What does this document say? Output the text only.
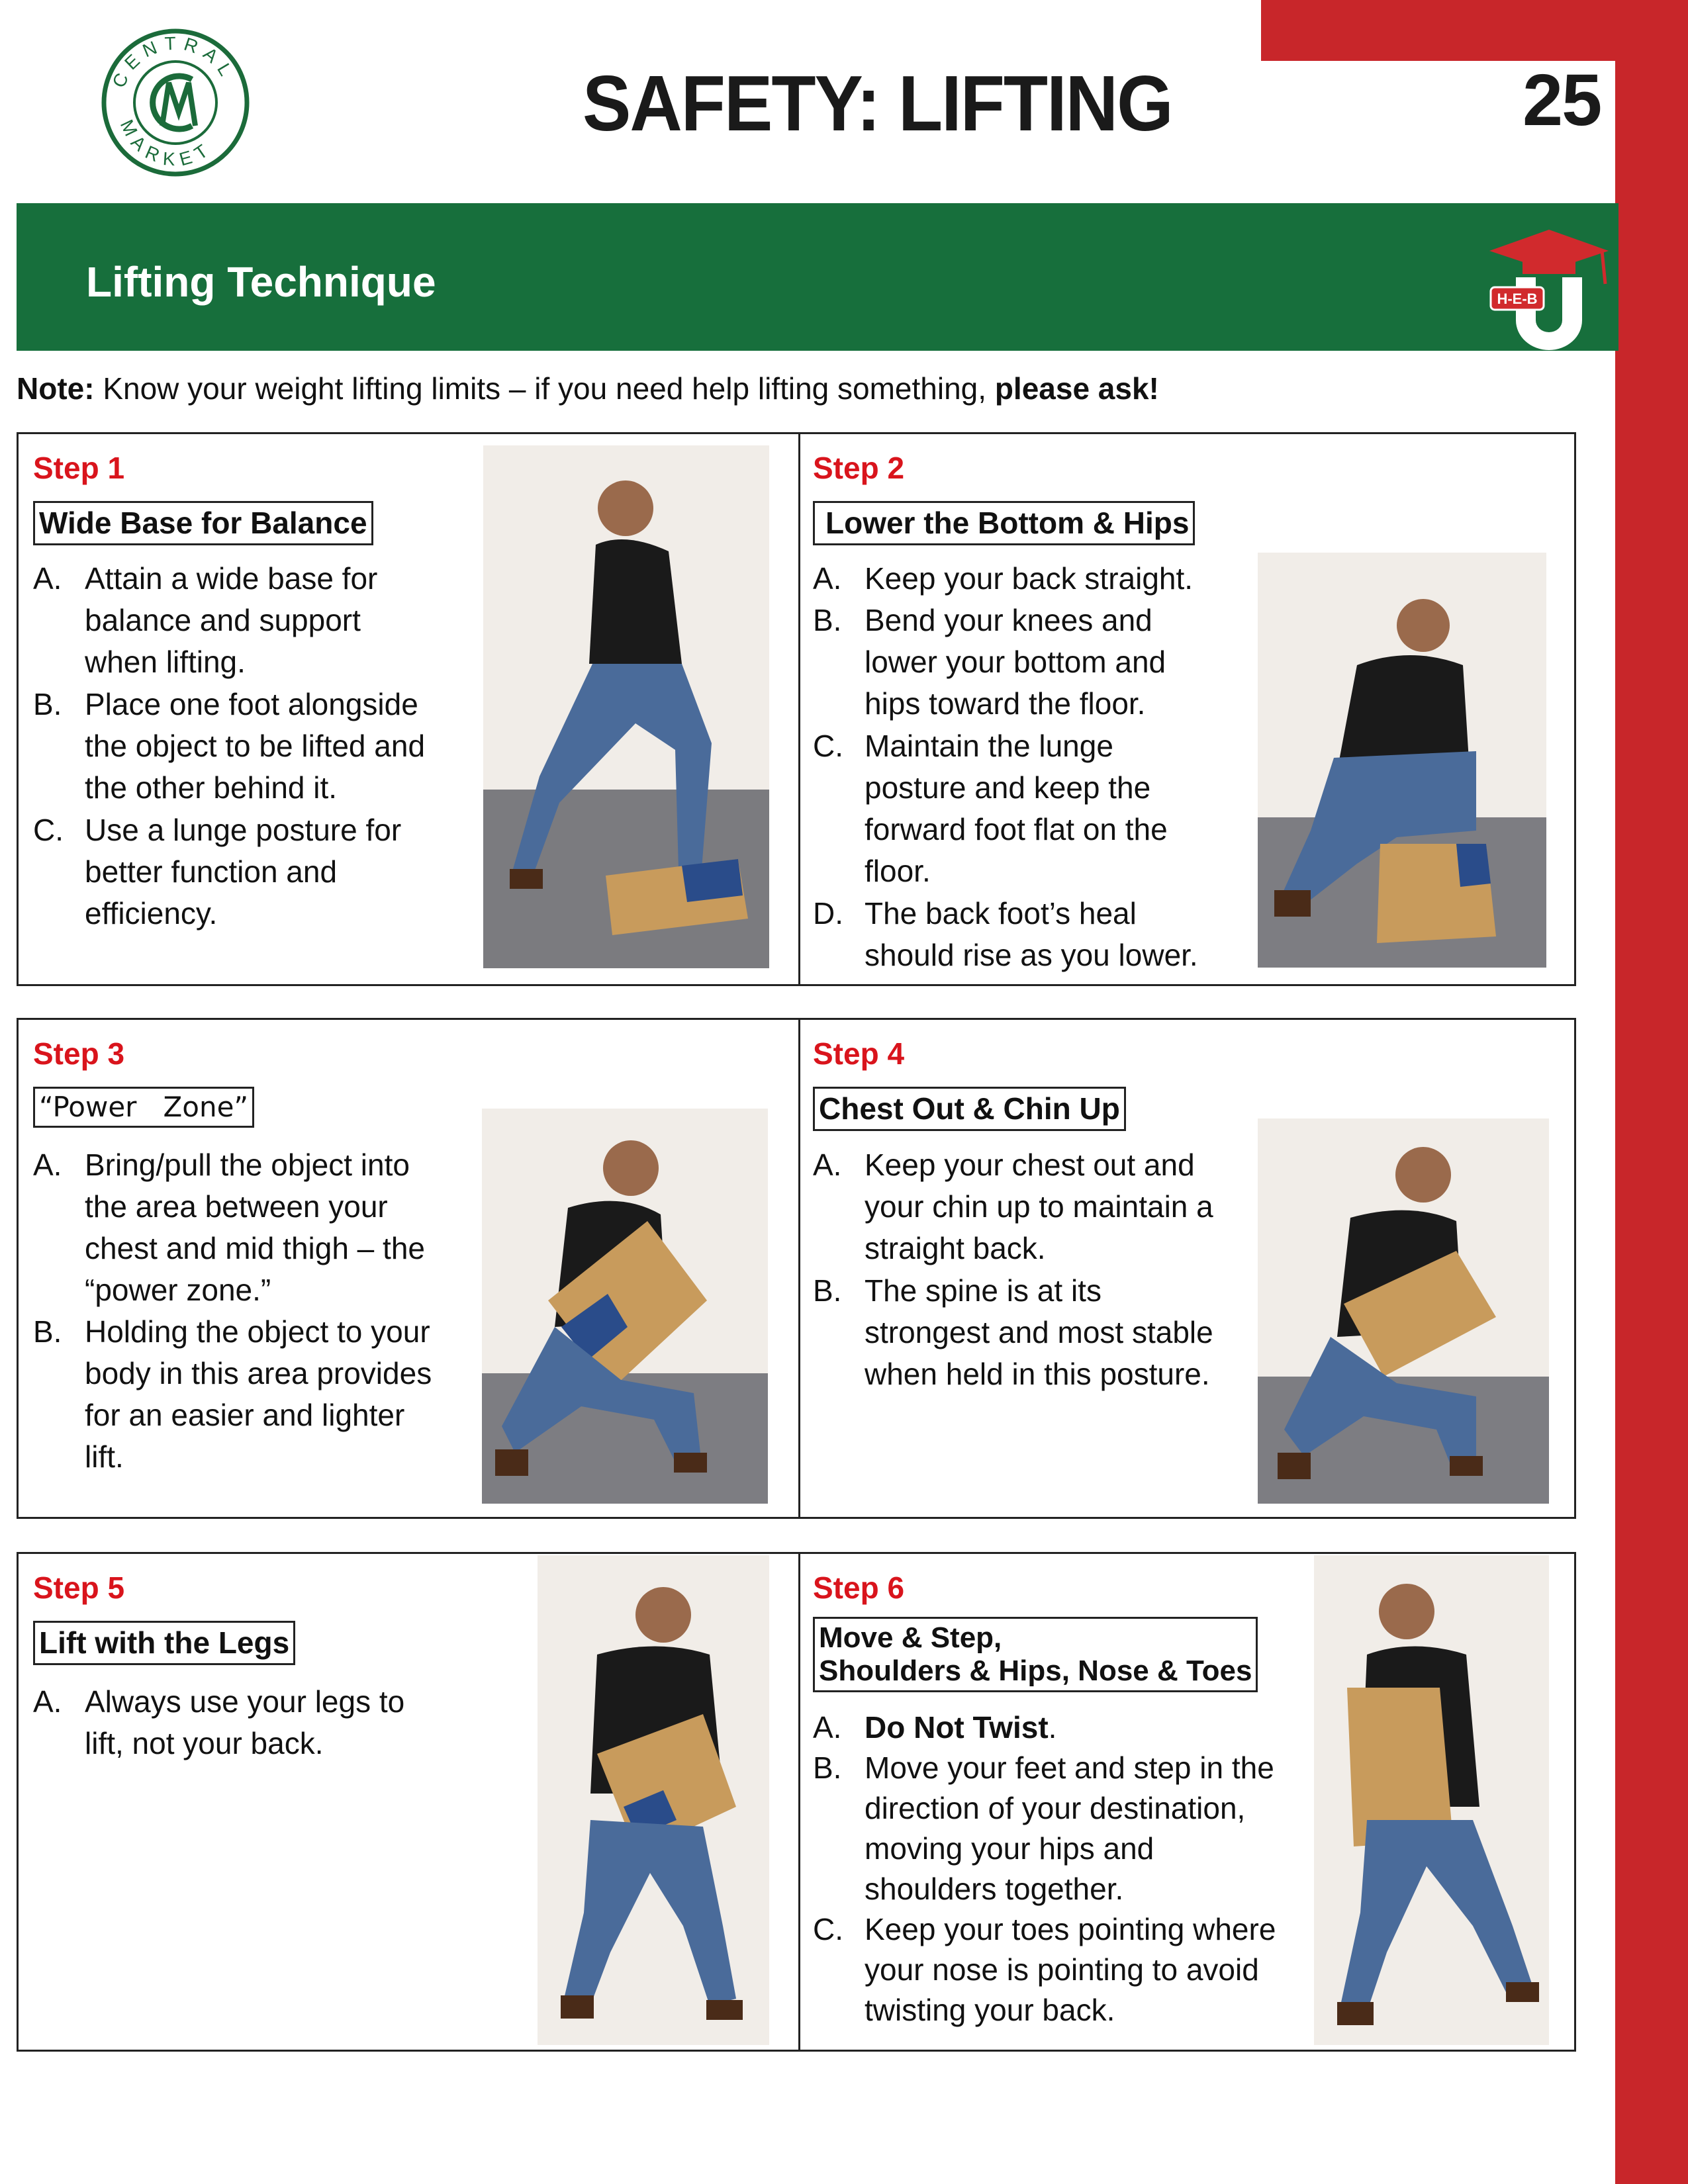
CENTRAL
MARKET
SAFETY: LIFTING	25
Lifting Technique	H-E-B
Note: Know your weight lifting limits – if you need help lifting something, please ask!
Step 1
Wide Base for Balance
A. Attain a wide base for
balance and support
when lifting.
B. Place one foot alongside
the object to be lifted and
the other behind it.
C. Use a lunge posture for
better function and
efficiency.
Step 2
Lower the Bottom & Hips
A. Keep your back straight.
B. Bend your knees and
lower your bottom and
hips toward the floor.
C. Maintain the lunge
posture and keep the
forward foot flat on the
floor.
D. The back foot’s heal
should rise as you lower.
Step 3
“Power   Zone”
A. Bring/pull the object into
the area between your
chest and mid thigh – the
“power zone.”
B. Holding the object to your
body in this area provides
for an easier and lighter
lift.
Step 4
Chest Out & Chin Up
A. Keep your chest out and
your chin up to maintain a
straight back.
B. The spine is at its
strongest and most stable
when held in this posture.
Step 5
Lift with the Legs
A. Always use your legs to
lift, not your back.
Step 6
Move & Step,
Shoulders & Hips, Nose & Toes
A. Do Not Twist.
B. Move your feet and step in the
direction of your destination,
moving your hips and
shoulders together.
C. Keep your toes pointing where
your nose is pointing to avoid
twisting your back.
